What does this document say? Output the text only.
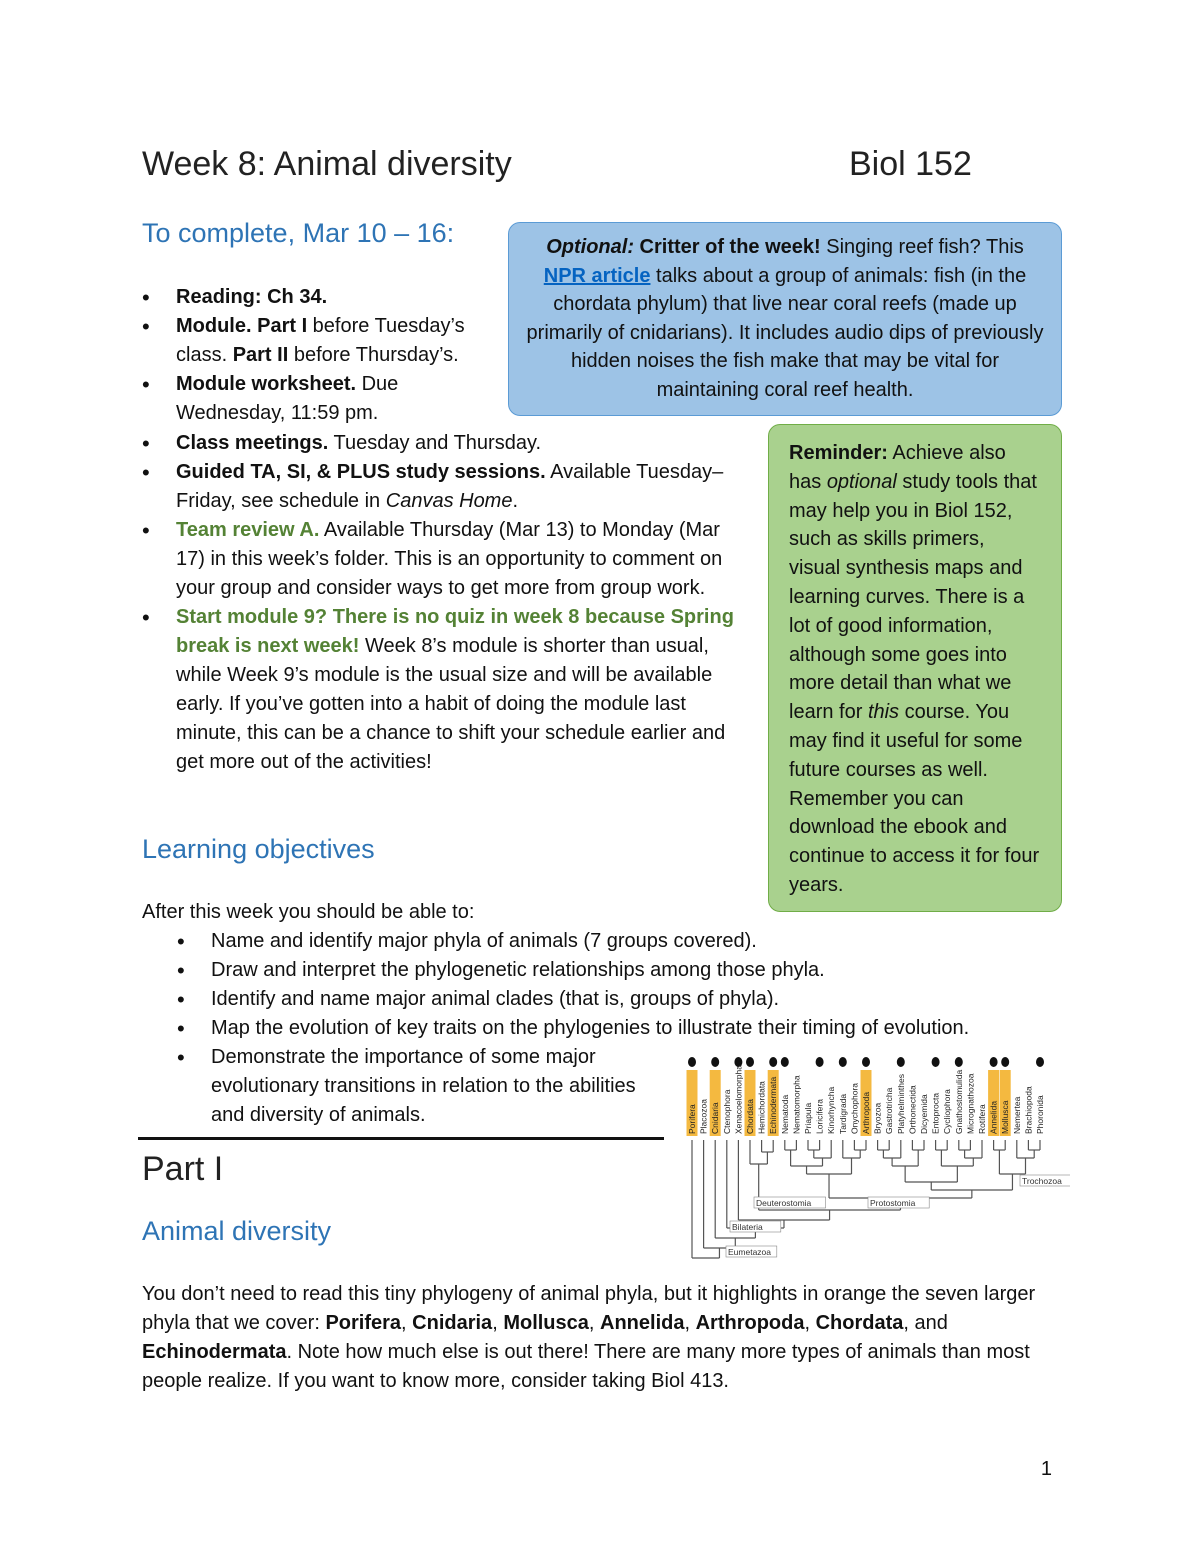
Week 8: Animal diversity	Biol 152
To complete, Mar 10 – 16:
• Reading: Ch 34.
• Module. Part I before Tuesday’s class. Part II before Thursday’s.
• Module worksheet. Due Wednesday, 11:59 pm.
• Class meetings. Tuesday and Thursday.
• Guided TA, SI, & PLUS study sessions. Available Tuesday–Friday, see schedule in Canvas Home.
• Team review A. Available Thursday (Mar 13) to Monday (Mar 17) in this week’s folder. This is an opportunity to comment on your group and consider ways to get more from group work.
• Start module 9? There is no quiz in week 8 because Spring break is next week! Week 8’s module is shorter than usual, while Week 9’s module is the usual size and will be available early. If you’ve gotten into a habit of doing the module last minute, this can be a chance to shift your schedule earlier and get more out of the activities!
Optional: Critter of the week! Singing reef fish? This NPR article talks about a group of animals: fish (in the chordata phylum) that live near coral reefs (made up primarily of cnidarians). It includes audio dips of previously hidden noises the fish make that may be vital for maintaining coral reef health.
Reminder: Achieve also has optional study tools that may help you in Biol 152, such as skills primers, visual synthesis maps and learning curves. There is a lot of good information, although some goes into more detail than what we learn for this course. You may find it useful for some future courses as well. Remember you can download the ebook and continue to access it for four years.
Learning objectives
After this week you should be able to:
• Name and identify major phyla of animals (7 groups covered).
• Draw and interpret the phylogenetic relationships among those phyla.
• Identify and name major animal clades (that is, groups of phyla).
• Map the evolution of key traits on the phylogenies to illustrate their timing of evolution.
• Demonstrate the importance of some major evolutionary transitions in relation to the abilities and diversity of animals.
Part I
Animal diversity
Porifera Placozoa Cnidaria Ctenophora Xenacoelomorpha Chordata Hemichordata Echinodermata Nematoda Nematomorpha Priapula Loricifera Kinorhyncha Tardigrada Onychophora Arthropoda Bryozoa Gastrotricha Platyhelminthes Orthonectida Dicyemida Entoprocta Cycliophora Gnathostomulida Micrognathozoa Rotifera Annelida Mollusca Nemertea Brachiopoda Phoronida
Deuterostomia	Protostomia
Trochozoa
Bilateria
Eumetazoa
You don’t need to read this tiny phylogeny of animal phyla, but it highlights in orange the seven larger phyla that we cover: Porifera, Cnidaria, Mollusca, Annelida, Arthropoda, Chordata, and Echinodermata. Note how much else is out there! There are many more types of animals than most people realize. If you want to know more, consider taking Biol 413.
1
